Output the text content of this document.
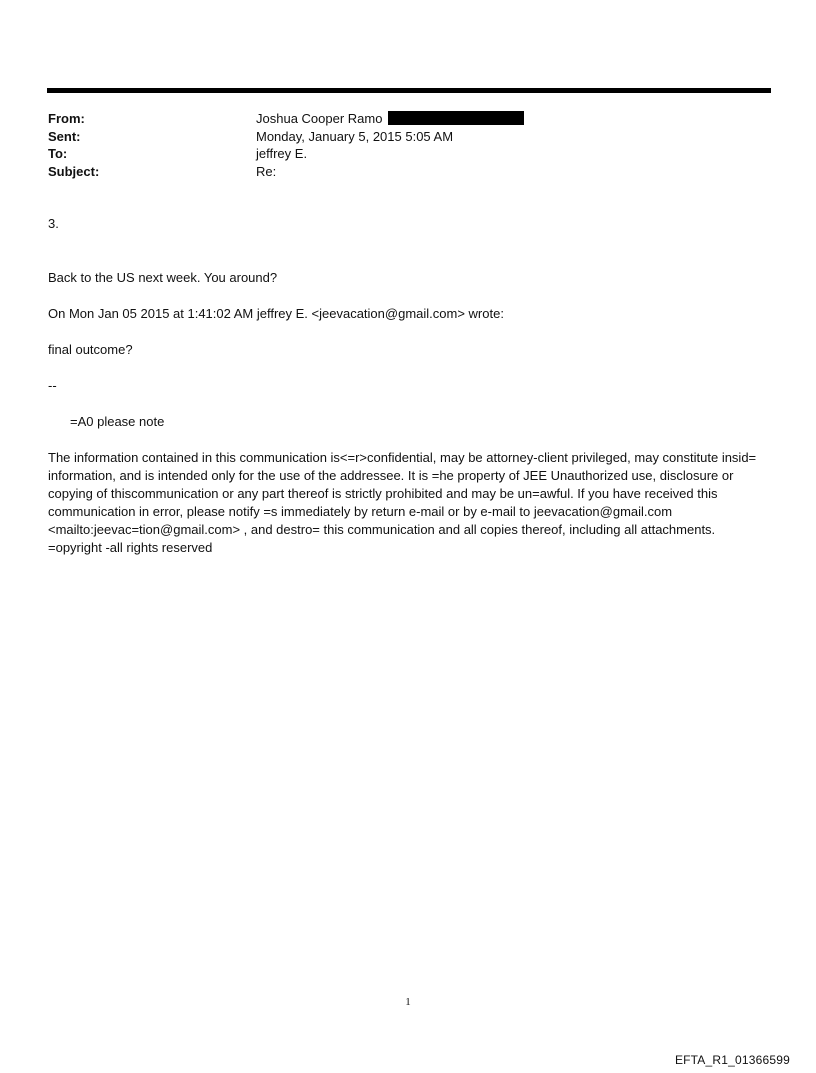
From:	Joshua Cooper Ramo
Sent:	Monday, January 5, 2015 5:05 AM
To:	jeffrey E.
Subject:	Re:

3.

Back to the US next week. You around?

On Mon Jan 05 2015 at 1:41:02 AM jeffrey E. <jeevacation@gmail.com> wrote:

final outcome?

--

=A0 please note

The information contained in this communication is<=r>confidential, may be attorney-client privileged, may constitute insid= information, and is intended only for the use of the addressee. It is =he property of JEE Unauthorized use, disclosure or copying of thiscommunication or any part thereof is strictly prohibited and may be un=awful. If you have received this communication in error, please notify =s immediately by return e-mail or by e-mail to jeevacation@gmail.com <mailto:jeevac=tion@gmail.com> , and destro= this communication and all copies thereof, including all attachments. =opyright -all rights reserved

1
EFTA_R1_01366599
